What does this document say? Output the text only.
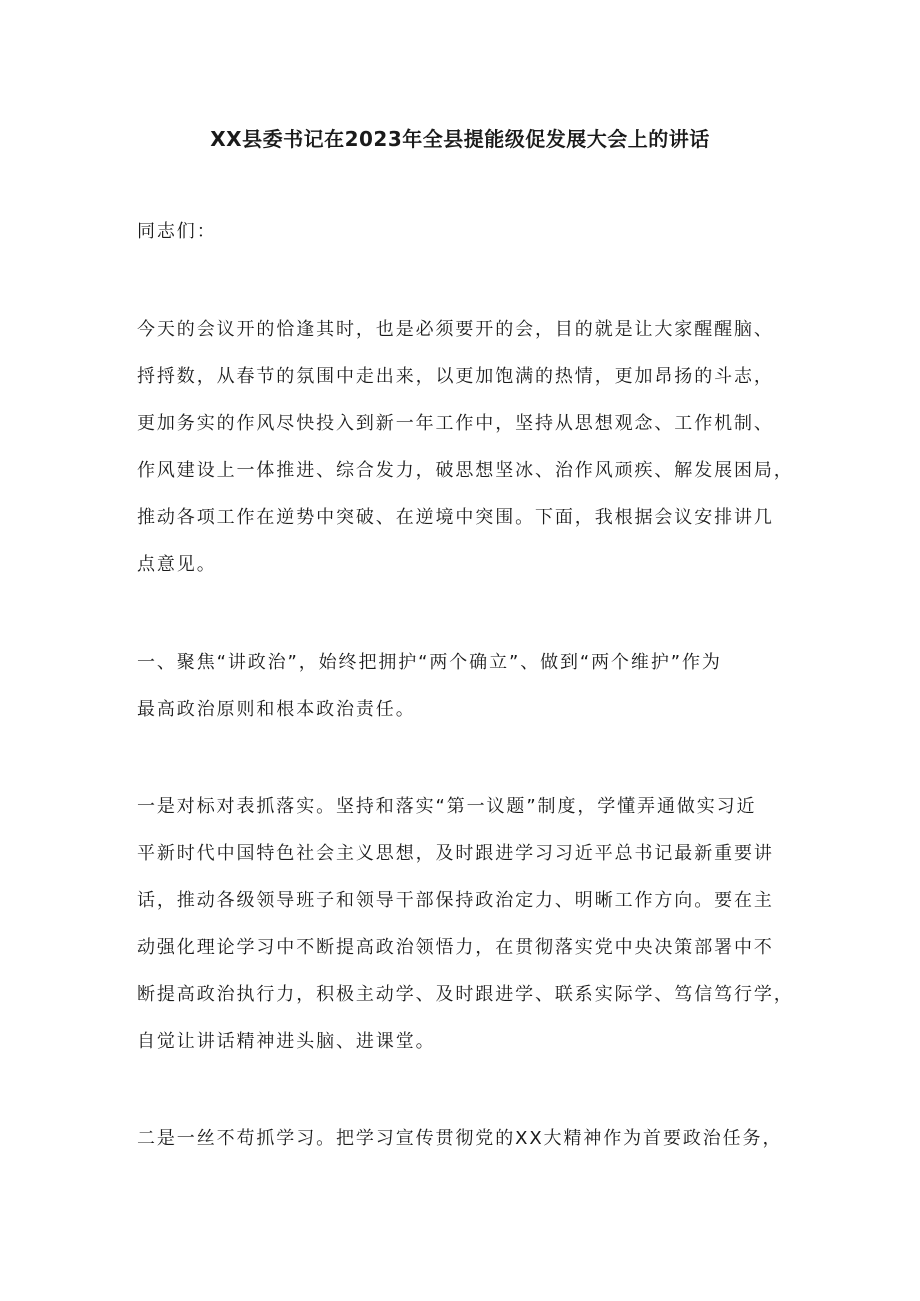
XX县委书记在2023年全县提能级促发展大会上的讲话
同志们：
今天的会议开的恰逢其时，也是必须要开的会，目的就是让大家醒醒脑、
捋捋数，从春节的氛围中走出来，以更加饱满的热情，更加昂扬的斗志，
更加务实的作风尽快投入到新一年工作中，坚持从思想观念、工作机制、
作风建设上一体推进、综合发力，破思想坚冰、治作风顽疾、解发展困局，
推动各项工作在逆势中突破、在逆境中突围。下面，我根据会议安排讲几
点意见。
一、聚焦“讲政治”，始终把拥护“两个确立”、做到“两个维护”作为
最高政治原则和根本政治责任。
一是对标对表抓落实。坚持和落实“第一议题”制度，学懂弄通做实习近
平新时代中国特色社会主义思想，及时跟进学习习近平总书记最新重要讲
话，推动各级领导班子和领导干部保持政治定力、明晰工作方向。要在主
动强化理论学习中不断提高政治领悟力，在贯彻落实党中央决策部署中不
断提高政治执行力，积极主动学、及时跟进学、联系实际学、笃信笃行学，
自觉让讲话精神进头脑、进课堂。
二是一丝不苟抓学习。把学习宣传贯彻党的XX大精神作为首要政治任务，
